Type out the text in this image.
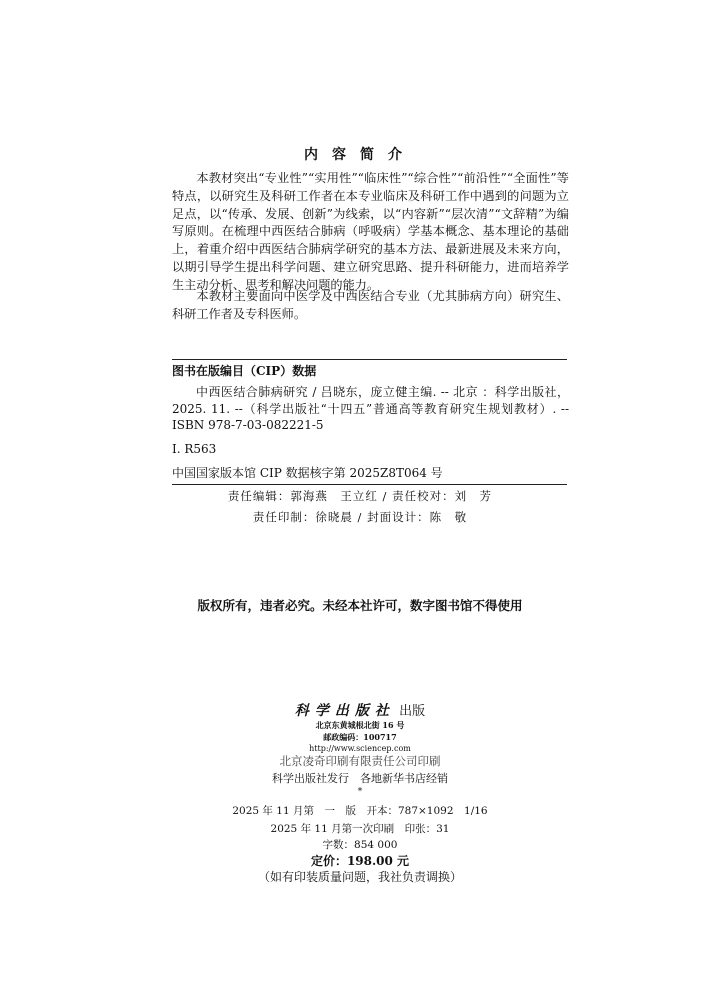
内容简介
本教材突出“专业性”“实用性”“临床性”“综合性”“前沿性”“全面性”等特点，以研究生及科研工作者在本专业临床及科研工作中遇到的问题为立足点，以“传承、发展、创新”为线索，以“内容新”“层次清”“文辞精”为编写原则。在梳理中西医结合肺病（呼吸病）学基本概念、基本理论的基础上，着重介绍中西医结合肺病学研究的基本方法、最新进展及未来方向，以期引导学生提出科学问题、建立研究思路、提升科研能力，进而培养学生主动分析、思考和解决问题的能力。
本教材主要面向中医学及中西医结合专业（尤其肺病方向）研究生、科研工作者及专科医师。
图书在版编目（CIP）数据
中西医结合肺病研究 / 吕晓东，庞立健主编. -- 北京 ：科学出版社，2025. 11. --（科学出版社“十四五”普通高等教育研究生规划教材）. -- ISBN 978-7-03-082221-5
Ⅰ. R563
中国国家版本馆 CIP 数据核字第 2025Z8T064 号
责任编辑：郭海燕　王立红 / 责任校对：刘　芳
责任印制：徐晓晨 / 封面设计：陈　敬
版权所有，违者必究。未经本社许可，数字图书馆不得使用
科学出版社 出版
北京东黄城根北街 16 号
邮政编码：100717
http://www.sciencep.com
北京凌奇印刷有限责任公司印刷
科学出版社发行　各地新华书店经销
*
2025 年 11 月第　一　版　开本：787×1092　1/16
2025 年 11 月第一次印刷　印张：31
字数：854 000
定价：198.00 元
（如有印装质量问题，我社负责调换）
